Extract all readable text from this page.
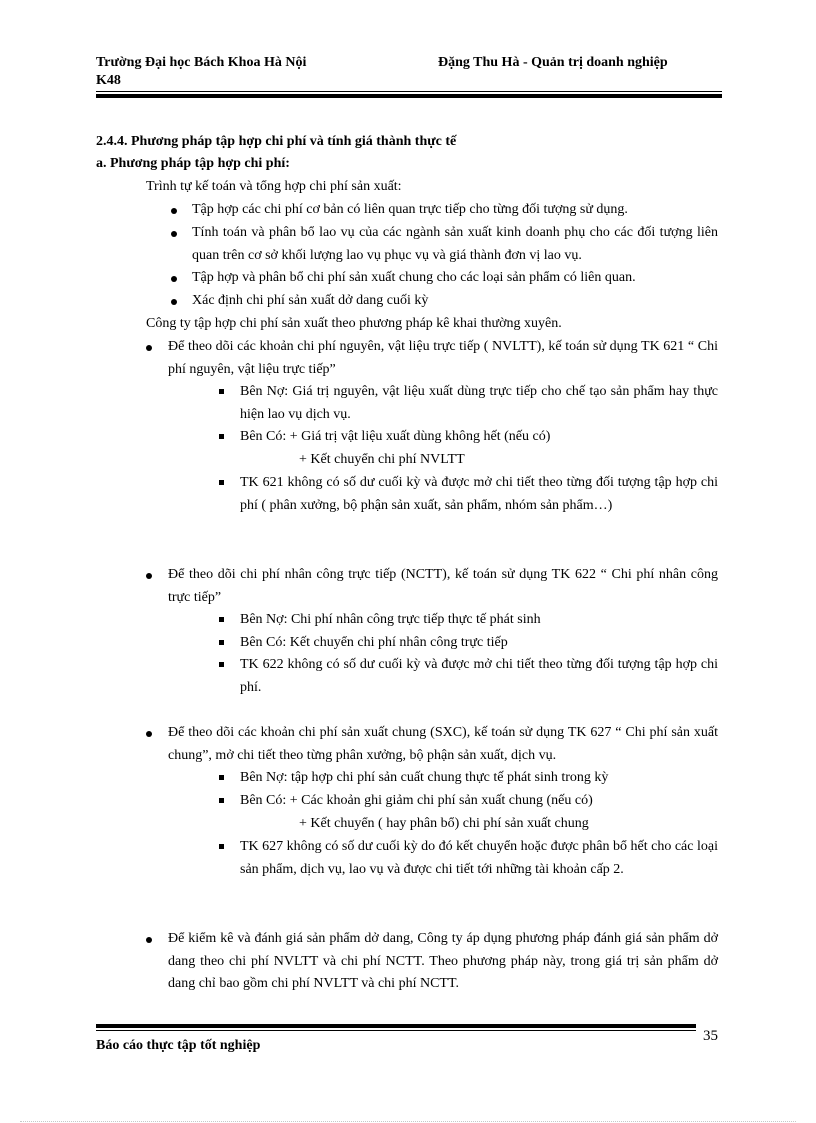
Trường Đại học Bách Khoa Hà Nội
K48
Đặng Thu Hà - Quản trị doanh nghiệp
2.4.4. Phương pháp tập hợp chi phí và tính giá thành thực tế
a. Phương pháp tập hợp chi phí:
Trình tự kế toán và tổng hợp chi phí sản xuất:
Tập hợp các chi phí cơ bản có liên quan trực tiếp cho từng đối tượng sử dụng.
Tính toán và phân bổ lao vụ của các ngành sản xuất kinh doanh phụ cho các đối tượng liên quan trên cơ sở khối lượng lao vụ phục vụ và giá thành đơn vị lao vụ.
Tập hợp và phân bổ chi phí sản xuất chung cho các loại sản phẩm có liên quan.
Xác định chi phí sản xuất dở dang cuối kỳ
Công ty tập hợp chi phí sản xuất theo phương pháp kê khai thường xuyên.
Để theo dõi các khoản chi phí nguyên, vật liệu trực tiếp ( NVLTT), kế toán sử dụng TK 621 “ Chi phí nguyên, vật liệu trực tiếp”
Bên Nợ: Giá trị nguyên, vật liệu xuất dùng trực tiếp cho chế tạo sản phẩm hay thực hiện lao vụ dịch vụ.
Bên Có: + Giá trị vật liệu xuất dùng không hết (nếu có)
+ Kết chuyển chi phí NVLTT
TK 621 không có số dư cuối kỳ và được mở chi tiết theo từng đối tượng tập hợp chi phí ( phân xưởng, bộ phận sản xuất, sản phẩm, nhóm sản phẩm…)
Để theo dõi chi phí nhân công trực tiếp (NCTT), kế toán sử dụng TK 622 “ Chi phí nhân công trực tiếp”
Bên Nợ: Chi phí nhân công trực tiếp thực tế phát sinh
Bên Có: Kết chuyển chi phí nhân công trực tiếp
TK 622 không có số dư cuối kỳ và được mở chi tiết theo từng đối tượng tập hợp chi phí.
Để theo dõi các khoản chi phí sản xuất chung (SXC), kế toán sử dụng TK 627 “ Chi phí sản xuất chung”, mở chi tiết theo từng phân xưởng, bộ phận sản xuất, dịch vụ.
Bên Nợ: tập hợp chi phí sản cuất chung thực tế phát sinh trong kỳ
Bên Có: + Các khoản ghi giảm chi phí sản xuất chung (nếu có)
+ Kết chuyển ( hay phân bổ) chi phí sản xuất chung
TK 627 không có số dư cuối kỳ do đó kết chuyển hoặc được phân bổ hết cho các loại sản phẩm, dịch vụ, lao vụ và được chi tiết tới những tài khoản cấp 2.
Để kiểm kê và đánh giá sản phẩm dở dang, Công ty áp dụng phương pháp đánh giá sản phẩm dở dang theo chi phí NVLTT và chi phí NCTT. Theo phương pháp này, trong giá trị sản phẩm dở dang chỉ bao gồm chi phí NVLTT và chi phí NCTT.
Báo cáo thực tập tốt nghiệp
35
